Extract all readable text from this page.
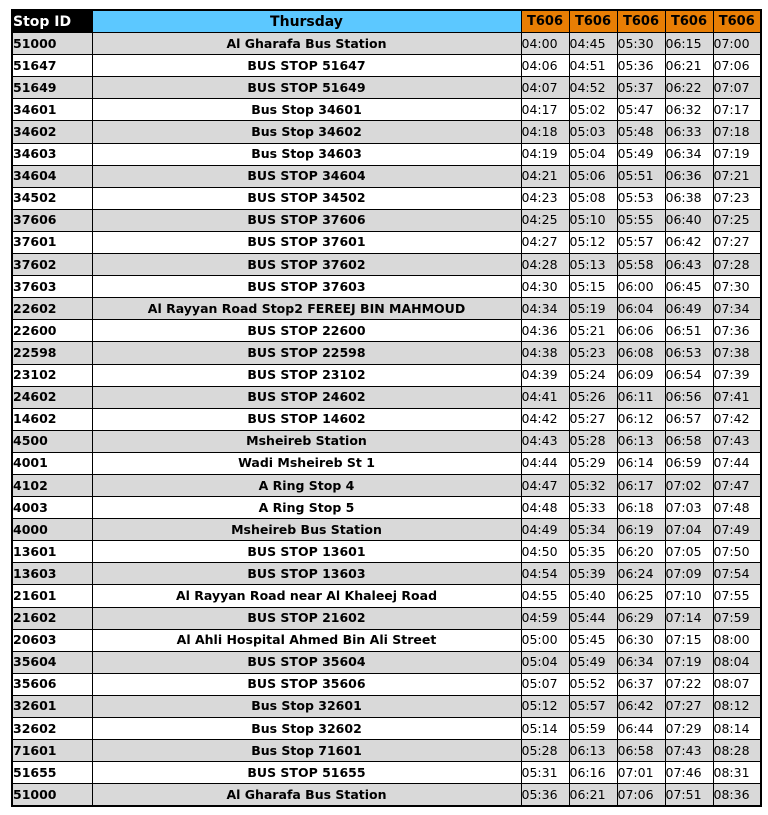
Stop ID	Thursday	T606	T606	T606	T606	T606
51000	Al Gharafa Bus Station	04:00	04:45	05:30	06:15	07:00
51647	BUS STOP 51647	04:06	04:51	05:36	06:21	07:06
51649	BUS STOP 51649	04:07	04:52	05:37	06:22	07:07
34601	Bus Stop 34601	04:17	05:02	05:47	06:32	07:17
34602	Bus Stop 34602	04:18	05:03	05:48	06:33	07:18
34603	Bus Stop 34603	04:19	05:04	05:49	06:34	07:19
34604	BUS STOP 34604	04:21	05:06	05:51	06:36	07:21
34502	BUS STOP 34502	04:23	05:08	05:53	06:38	07:23
37606	BUS STOP 37606	04:25	05:10	05:55	06:40	07:25
37601	BUS STOP 37601	04:27	05:12	05:57	06:42	07:27
37602	BUS STOP 37602	04:28	05:13	05:58	06:43	07:28
37603	BUS STOP 37603	04:30	05:15	06:00	06:45	07:30
22602	Al Rayyan Road Stop2 FEREEJ BIN MAHMOUD	04:34	05:19	06:04	06:49	07:34
22600	BUS STOP 22600	04:36	05:21	06:06	06:51	07:36
22598	BUS STOP 22598	04:38	05:23	06:08	06:53	07:38
23102	BUS STOP 23102	04:39	05:24	06:09	06:54	07:39
24602	BUS STOP 24602	04:41	05:26	06:11	06:56	07:41
14602	BUS STOP 14602	04:42	05:27	06:12	06:57	07:42
4500	Msheireb Station	04:43	05:28	06:13	06:58	07:43
4001	Wadi Msheireb St 1	04:44	05:29	06:14	06:59	07:44
4102	A Ring Stop 4	04:47	05:32	06:17	07:02	07:47
4003	A Ring Stop 5	04:48	05:33	06:18	07:03	07:48
4000	Msheireb Bus Station	04:49	05:34	06:19	07:04	07:49
13601	BUS STOP 13601	04:50	05:35	06:20	07:05	07:50
13603	BUS STOP 13603	04:54	05:39	06:24	07:09	07:54
21601	Al Rayyan Road near Al Khaleej Road	04:55	05:40	06:25	07:10	07:55
21602	BUS STOP 21602	04:59	05:44	06:29	07:14	07:59
20603	Al Ahli Hospital Ahmed Bin Ali Street	05:00	05:45	06:30	07:15	08:00
35604	BUS STOP 35604	05:04	05:49	06:34	07:19	08:04
35606	BUS STOP 35606	05:07	05:52	06:37	07:22	08:07
32601	Bus Stop 32601	05:12	05:57	06:42	07:27	08:12
32602	Bus Stop 32602	05:14	05:59	06:44	07:29	08:14
71601	Bus Stop 71601	05:28	06:13	06:58	07:43	08:28
51655	BUS STOP 51655	05:31	06:16	07:01	07:46	08:31
51000	Al Gharafa Bus Station	05:36	06:21	07:06	07:51	08:36
